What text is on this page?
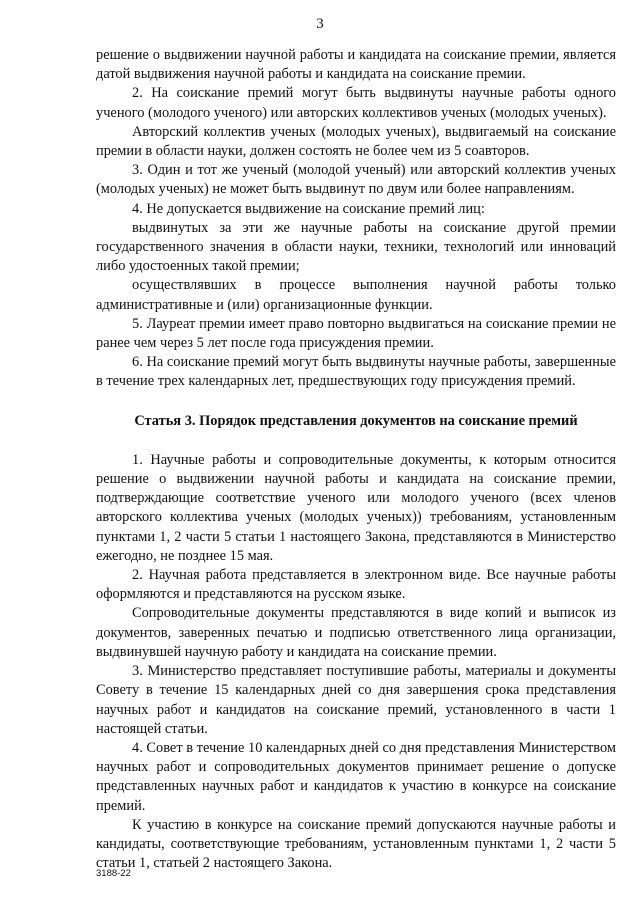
3

решение о выдвижении научной работы и кандидата на соискание премии, является датой выдвижения научной работы и кандидата на соискание премии.

2. На соискание премий могут быть выдвинуты научные работы одного ученого (молодого ученого) или авторских коллективов ученых (молодых ученых).

Авторский коллектив ученых (молодых ученых), выдвигаемый на соискание премии в области науки, должен состоять не более чем из 5 соавторов.

3. Один и тот же ученый (молодой ученый) или авторский коллектив ученых (молодых ученых) не может быть выдвинут по двум или более направлениям.

4. Не допускается выдвижение на соискание премий лиц:

выдвинутых за эти же научные работы на соискание другой премии государственного значения в области науки, техники, технологий или инноваций либо удостоенных такой премии;

осуществлявших в процессе выполнения научной работы только административные и (или) организационные функции.

5. Лауреат премии имеет право повторно выдвигаться на соискание премии не ранее чем через 5 лет после года присуждения премии.

6. На соискание премий могут быть выдвинуты научные работы, завершенные в течение трех календарных лет, предшествующих году присуждения премий.

Статья 3. Порядок представления документов на соискание премий

1. Научные работы и сопроводительные документы, к которым относится решение о выдвижении научной работы и кандидата на соискание премии, подтверждающие соответствие ученого или молодого ученого (всех членов авторского коллектива ученых (молодых ученых)) требованиям, установленным пунктами 1, 2 части 5 статьи 1 настоящего Закона, представляются в Министерство ежегодно, не позднее 15 мая.

2. Научная работа представляется в электронном виде. Все научные работы оформляются и представляются на русском языке.

Сопроводительные документы представляются в виде копий и выписок из документов, заверенных печатью и подписью ответственного лица организации, выдвинувшей научную работу и кандидата на соискание премии.

3. Министерство представляет поступившие работы, материалы и документы Совету в течение 15 календарных дней со дня завершения срока представления научных работ и кандидатов на соискание премий, установленного в части 1 настоящей статьи.

4. Совет в течение 10 календарных дней со дня представления Министерством научных работ и сопроводительных документов принимает решение о допуске представленных научных работ и кандидатов к участию в конкурсе на соискание премий.

К участию в конкурсе на соискание премий допускаются научные работы и кандидаты, соответствующие требованиям, установленным пунктами 1, 2 части 5 статьи 1, статьей 2 настоящего Закона.

3188-22
